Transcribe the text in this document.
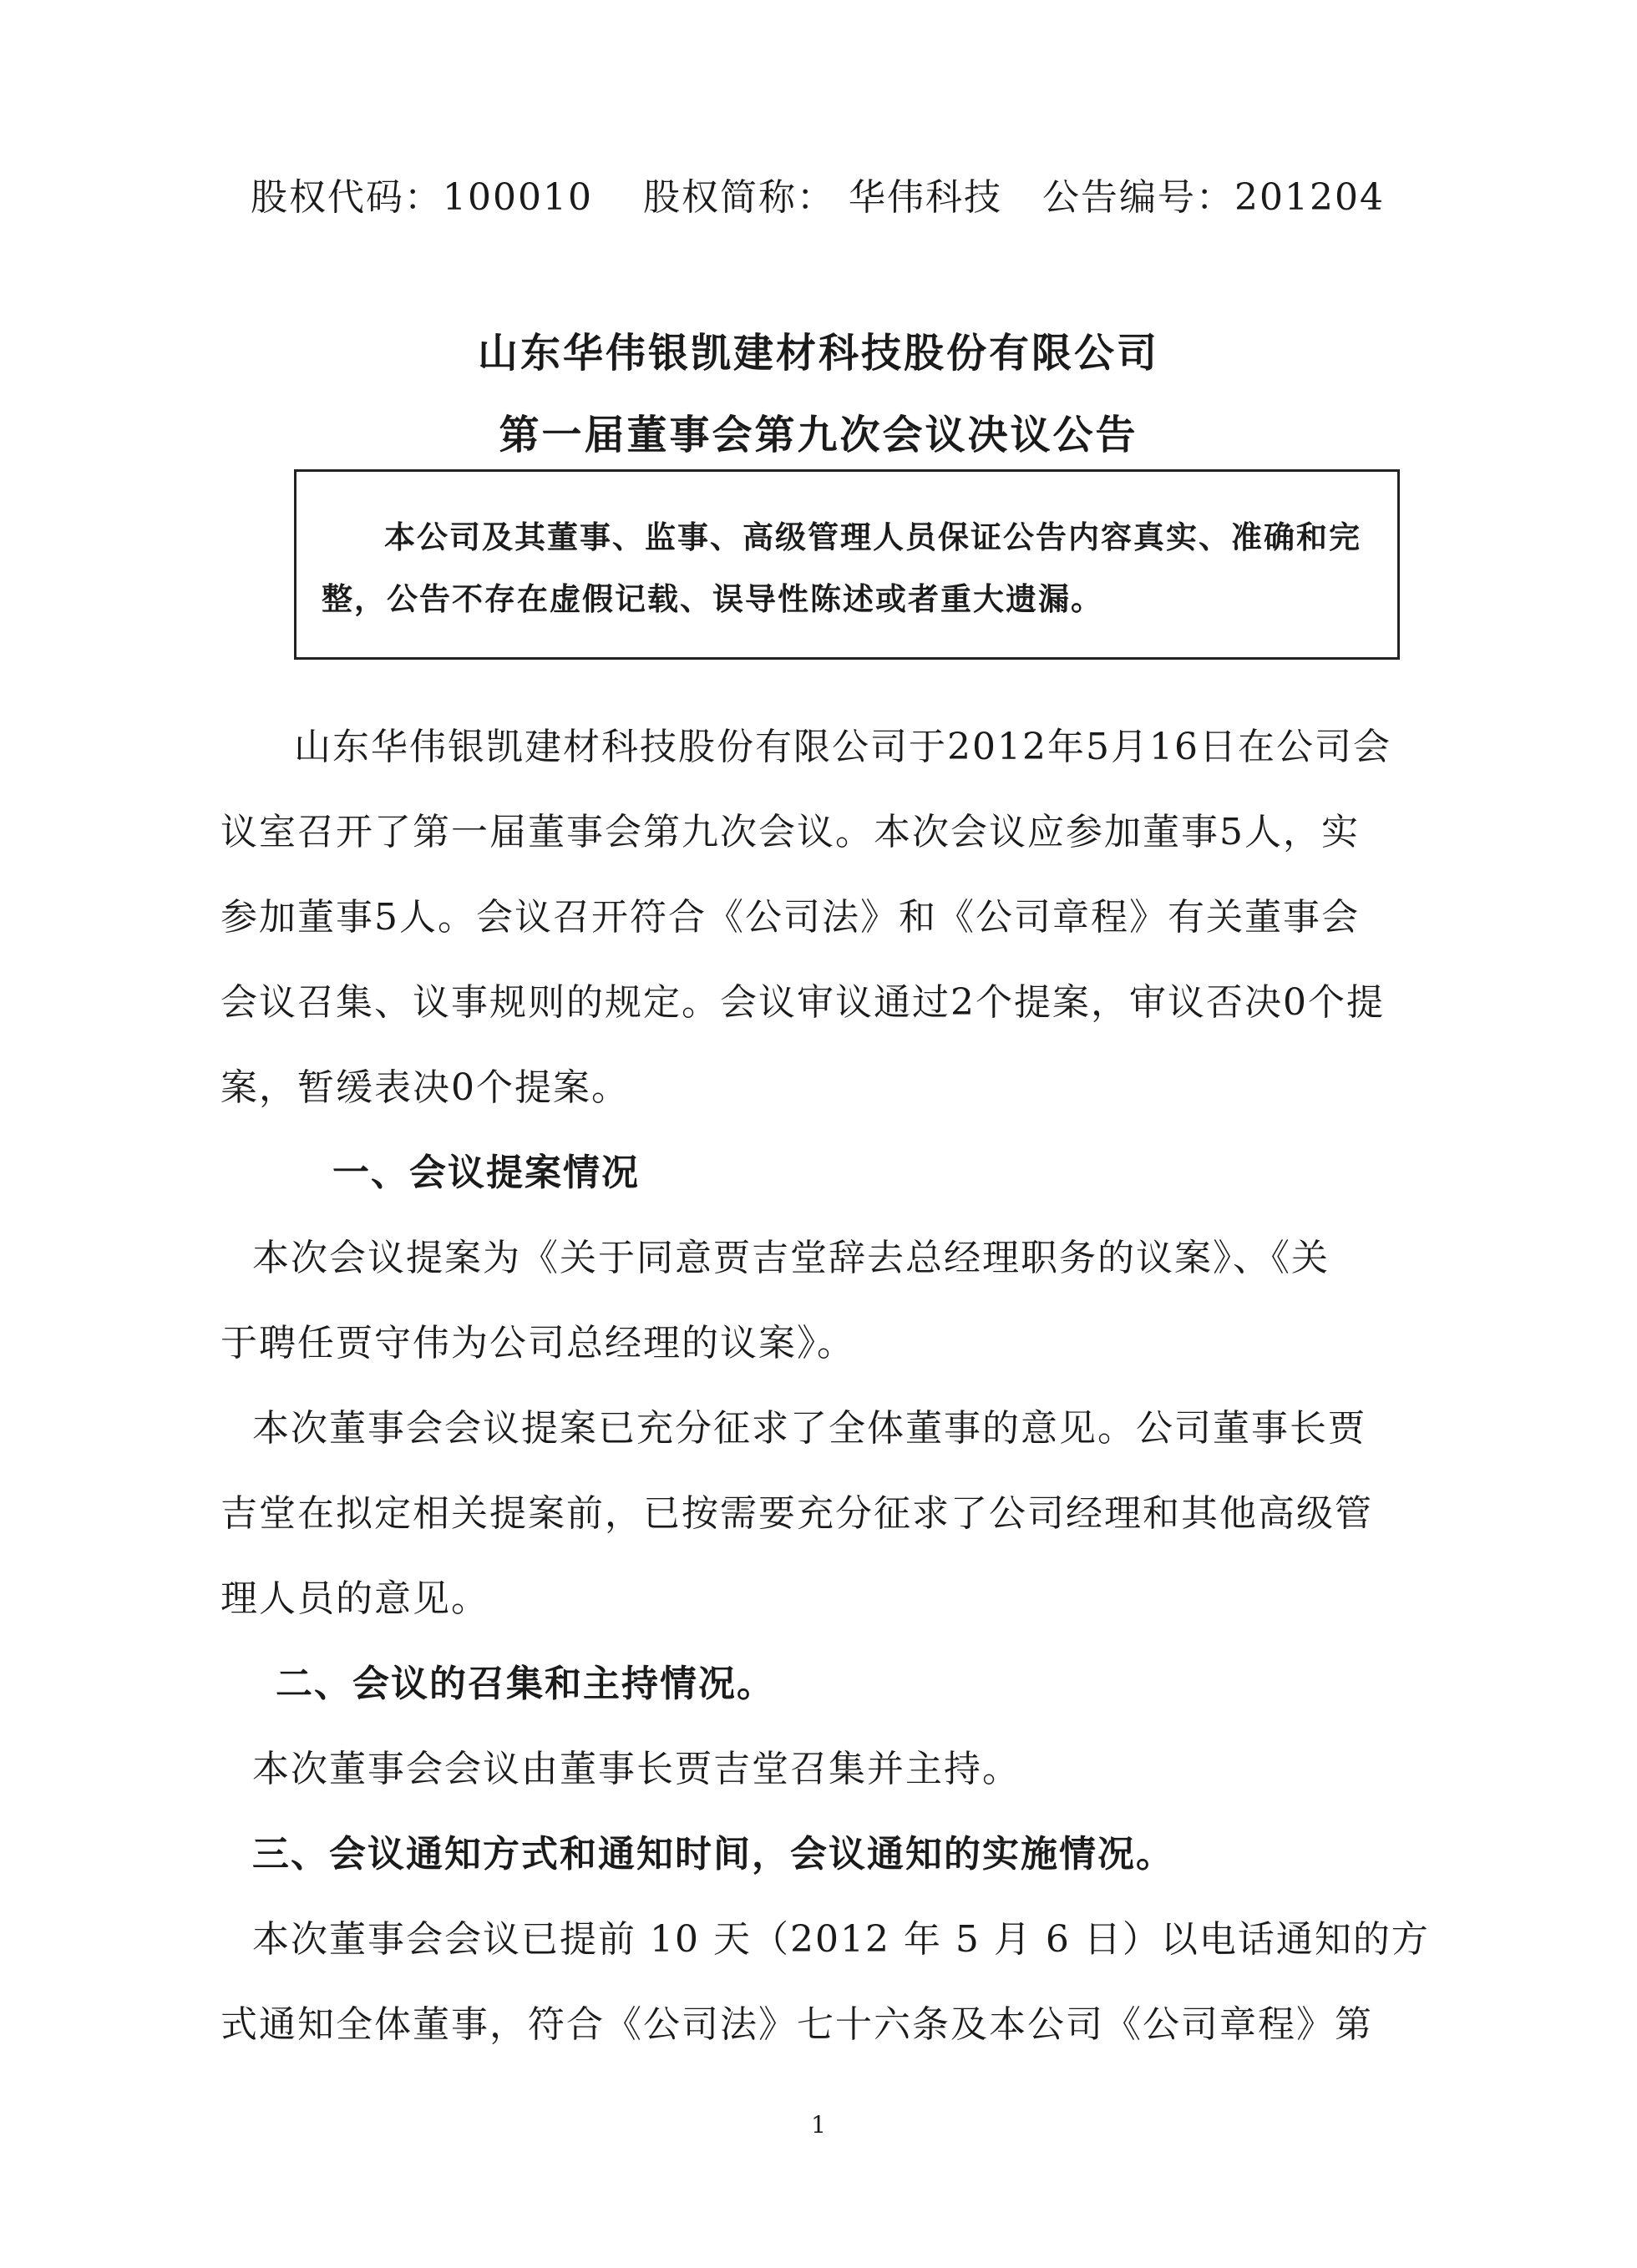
股权代码：100010 股权简称： 华伟科技 公告编号：201204
山东华伟银凯建材科技股份有限公司
第一届董事会第九次会议决议公告
本公司及其董事、监事、高级管理人员保证公告内容真实、准确和完
整，公告不存在虚假记载、误导性陈述或者重大遗漏。
山东华伟银凯建材科技股份有限公司于2012年5月16日在公司会
议室召开了第一届董事会第九次会议。本次会议应参加董事5人，实
参加董事5人。会议召开符合《公司法》和《公司章程》有关董事会
会议召集、议事规则的规定。会议审议通过2个提案，审议否决0个提
案，暂缓表决0个提案。
一、会议提案情况
本次会议提案为《关于同意贾吉堂辞去总经理职务的议案》、《关
于聘任贾守伟为公司总经理的议案》。
本次董事会会议提案已充分征求了全体董事的意见。公司董事长贾
吉堂在拟定相关提案前，已按需要充分征求了公司经理和其他高级管
理人员的意见。
二、会议的召集和主持情况。
本次董事会会议由董事长贾吉堂召集并主持。
三、会议通知方式和通知时间，会议通知的实施情况。
本次董事会会议已提前 10 天（2012 年 5 月 6 日）以电话通知的方
式通知全体董事，符合《公司法》七十六条及本公司《公司章程》第
1
